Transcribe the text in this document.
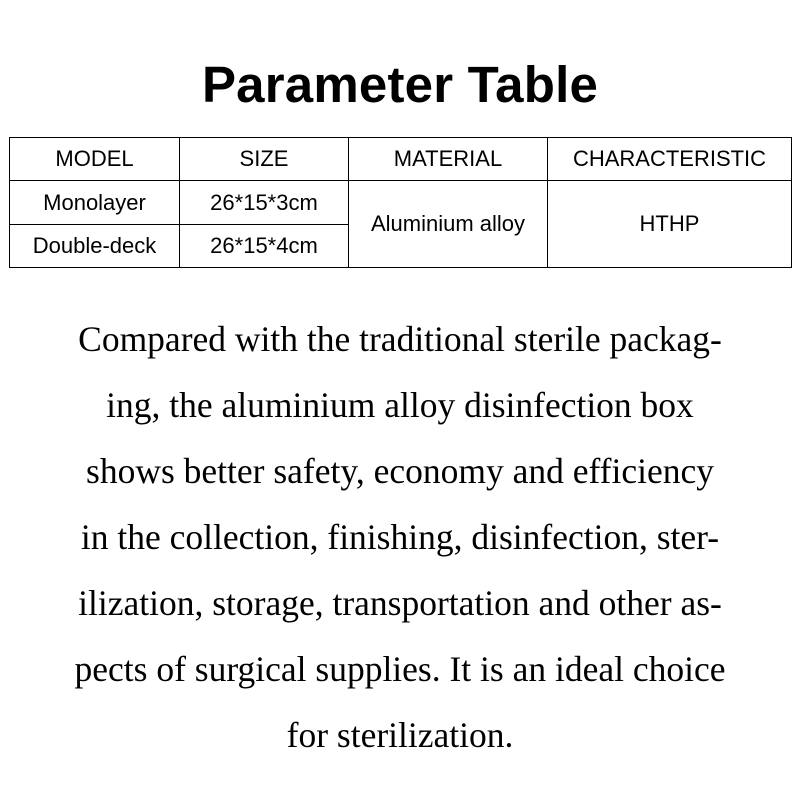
Parameter Table
MODEL	SIZE	MATERIAL	CHARACTERISTIC
Monolayer	26*15*3cm	Aluminium alloy	HTHP
Double-deck	26*15*4cm		
Compared with the traditional sterile packag-
ing, the aluminium alloy disinfection box
shows better safety, economy and efficiency
in the collection, finishing, disinfection, ster-
ilization, storage, transportation and other as-
pects of surgical supplies. It is an ideal choice
for sterilization.
